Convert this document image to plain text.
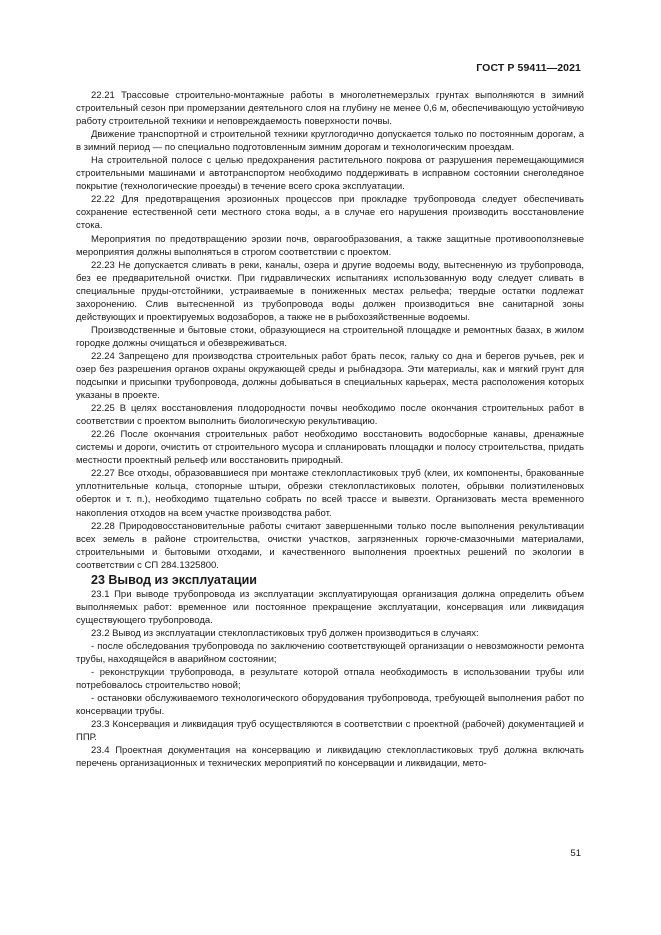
ГОСТ Р 59411—2021

22.21 Трассовые строительно-монтажные работы в многолетнемерзлых грунтах выполняются в зимний строительный сезон при промерзании деятельного слоя на глубину не менее 0,6 м, обеспечивающую устойчивую работу строительной техники и неповреждаемость поверхности почвы.

Движение транспортной и строительной техники круглогодично допускается только по постоянным дорогам, а в зимний период — по специально подготовленным зимним дорогам и технологическим проездам.

На строительной полосе с целью предохранения растительного покрова от разрушения перемещающимися строительными машинами и автотранспортом необходимо поддерживать в исправном состоянии снеголедяное покрытие (технологические проезды) в течение всего срока эксплуатации.

22.22 Для предотвращения эрозионных процессов при прокладке трубопровода следует обеспечивать сохранение естественной сети местного стока воды, а в случае его нарушения производить восстановление стока.

Мероприятия по предотвращению эрозии почв, оврагообразования, а также защитные противооползневые мероприятия должны выполняться в строгом соответствии с проектом.

22.23 Не допускается сливать в реки, каналы, озера и другие водоемы воду, вытесненную из трубопровода, без ее предварительной очистки. При гидравлических испытаниях использованную воду следует сливать в специальные пруды-отстойники, устраиваемые в пониженных местах рельефа; твердые остатки подлежат захоронению. Слив вытесненной из трубопровода воды должен производиться вне санитарной зоны действующих и проектируемых водозаборов, а также не в рыбохозяйственные водоемы.

Производственные и бытовые стоки, образующиеся на строительной площадке и ремонтных базах, в жилом городке должны очищаться и обезвреживаться.

22.24 Запрещено для производства строительных работ брать песок, гальку со дна и берегов ручьев, рек и озер без разрешения органов охраны окружающей среды и рыбнадзора. Эти материалы, как и мягкий грунт для подсыпки и присыпки трубопровода, должны добываться в специальных карьерах, места расположения которых указаны в проекте.

22.25 В целях восстановления плодородности почвы необходимо после окончания строительных работ в соответствии с проектом выполнить биологическую рекультивацию.

22.26 После окончания строительных работ необходимо восстановить водосборные канавы, дренажные системы и дороги, очистить от строительного мусора и спланировать площадки и полосу строительства, придать местности проектный рельеф или восстановить природный.

22.27 Все отходы, образовавшиеся при монтаже стеклопластиковых труб (клеи, их компоненты, бракованные уплотнительные кольца, стопорные штыри, обрезки стеклопластиковых полотен, обрывки полиэтиленовых оберток и т. п.), необходимо тщательно собрать по всей трассе и вывезти. Организовать места временного накопления отходов на всем участке производства работ.

22.28 Природовосстановительные работы считают завершенными только после выполнения рекультивации всех земель в районе строительства, очистки участков, загрязненных горюче-смазочными материалами, строительными и бытовыми отходами, и качественного выполнения проектных решений по экологии в соответствии с СП 284.1325800.

23 Вывод из эксплуатации

23.1 При выводе трубопровода из эксплуатации эксплуатирующая организация должна определить объем выполняемых работ: временное или постоянное прекращение эксплуатации, консервация или ликвидация существующего трубопровода.

23.2 Вывод из эксплуатации стеклопластиковых труб должен производиться в случаях:

- после обследования трубопровода по заключению соответствующей организации о невозможности ремонта трубы, находящейся в аварийном состоянии;

- реконструкции трубопровода, в результате которой отпала необходимость в использовании трубы или потребовалось строительство новой;

- остановки обслуживаемого технологического оборудования трубопровода, требующей выполнения работ по консервации трубы.

23.3 Консервация и ликвидация труб осуществляются в соответствии с проектной (рабочей) документацией и ППР.

23.4 Проектная документация на консервацию и ликвидацию стеклопластиковых труб должна включать перечень организационных и технических мероприятий по консервации и ликвидации, мето-

51
